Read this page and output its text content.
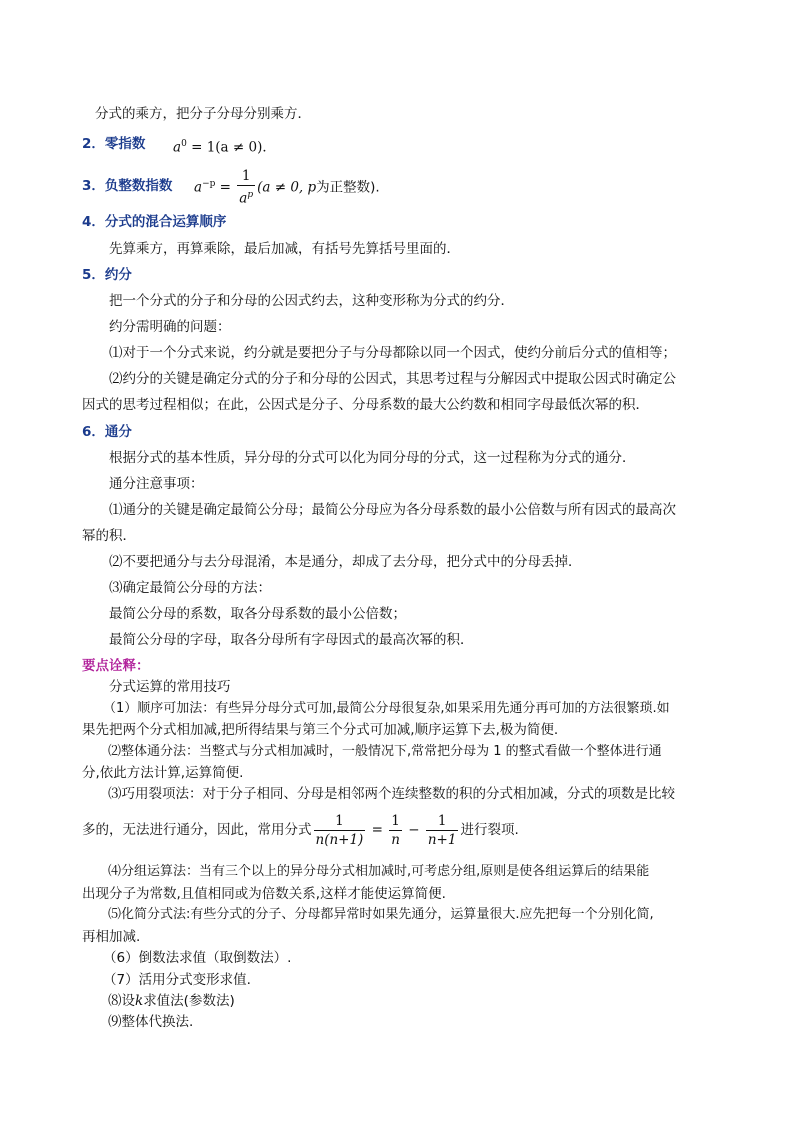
分式的乘方，把分子分母分别乘方．
2．零指数 $a^0 = 1(a \ne 0)$．
3．负整数指数 $a^{-p} = \frac{1}{a^p} (a \ne 0$, p为正整数).
4．分式的混合运算顺序
先算乘方，再算乘除，最后加减，有括号先算括号里面的．
5．约分
把一个分式的分子和分母的公因式约去，这种变形称为分式的约分．
约分需明确的问题：
⑴对于一个分式来说，约分就是要把分子与分母都除以同一个因式，使约分前后分式的值相等；
⑵约分的关键是确定分式的分子和分母的公因式，其思考过程与分解因式中提取公因式时确定公
因式的思考过程相似；在此，公因式是分子、分母系数的最大公约数和相同字母最低次幂的积．
6．通分
根据分式的基本性质，异分母的分式可以化为同分母的分式，这一过程称为分式的通分．
通分注意事项：
⑴通分的关键是确定最简公分母；最简公分母应为各分母系数的最小公倍数与所有因式的最高次
幂的积．
⑵不要把通分与去分母混淆，本是通分，却成了去分母，把分式中的分母丢掉．
⑶确定最简公分母的方法：
最简公分母的系数，取各分母系数的最小公倍数；
最简公分母的字母，取各分母所有字母因式的最高次幂的积．
要点诠释：
分式运算的常用技巧
（1）顺序可加法：有些异分母分式可加,最简公分母很复杂,如果采用先通分再可加的方法很繁琐.如
果先把两个分式相加减,把所得结果与第三个分式可加减,顺序运算下去,极为简便.
⑵整体通分法：当整式与分式相加减时，一般情况下,常常把分母为 1 的整式看做一个整体进行通
分,依此方法计算,运算简便.
⑶巧用裂项法：对于分子相同、分母是相邻两个连续整数的积的分式相加减，分式的项数是比较
多的，无法进行通分，因此，常用分式 $\frac{1}{n(n+1)} = \frac{1}{n} - \frac{1}{n+1}$ 进行裂项.
⑷分组运算法：当有三个以上的异分母分式相加减时,可考虑分组,原则是使各组运算后的结果能
出现分子为常数,且值相同或为倍数关系,这样才能使运算简便.
⑸化简分式法:有些分式的分子、分母都异常时如果先通分，运算量很大.应先把每一个分别化简,
再相加减.
（6）倒数法求值（取倒数法）.
（7）活用分式变形求值.
⑻设k求值法(参数法)
⑼整体代换法.
